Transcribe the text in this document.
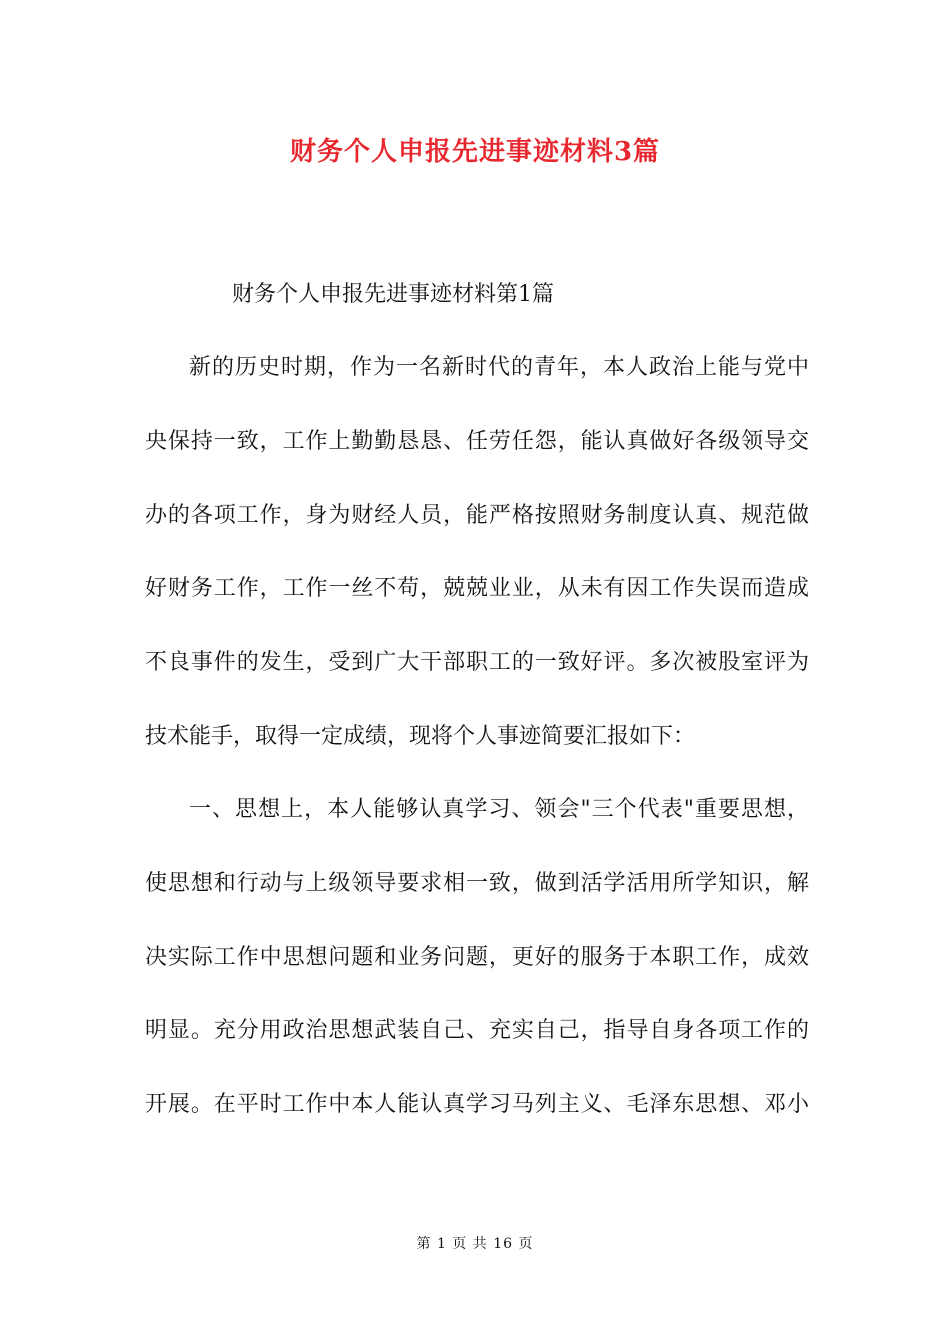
财务个人申报先进事迹材料3篇
财务个人申报先进事迹材料第1篇
新的历史时期，作为一名新时代的青年，本人政治上能与党中
央保持一致，工作上勤勤恳恳、任劳任怨，能认真做好各级领导交
办的各项工作，身为财经人员，能严格按照财务制度认真、规范做
好财务工作，工作一丝不苟，兢兢业业，从未有因工作失误而造成
不良事件的发生，受到广大干部职工的一致好评。多次被股室评为
技术能手，取得一定成绩，现将个人事迹简要汇报如下：
一、思想上，本人能够认真学习、领会"三个代表"重要思想，
使思想和行动与上级领导要求相一致，做到活学活用所学知识，解
决实际工作中思想问题和业务问题，更好的服务于本职工作，成效
明显。充分用政治思想武装自己、充实自己，指导自身各项工作的
开展。在平时工作中本人能认真学习马列主义、毛泽东思想、邓小
第 1 页 共 16 页
